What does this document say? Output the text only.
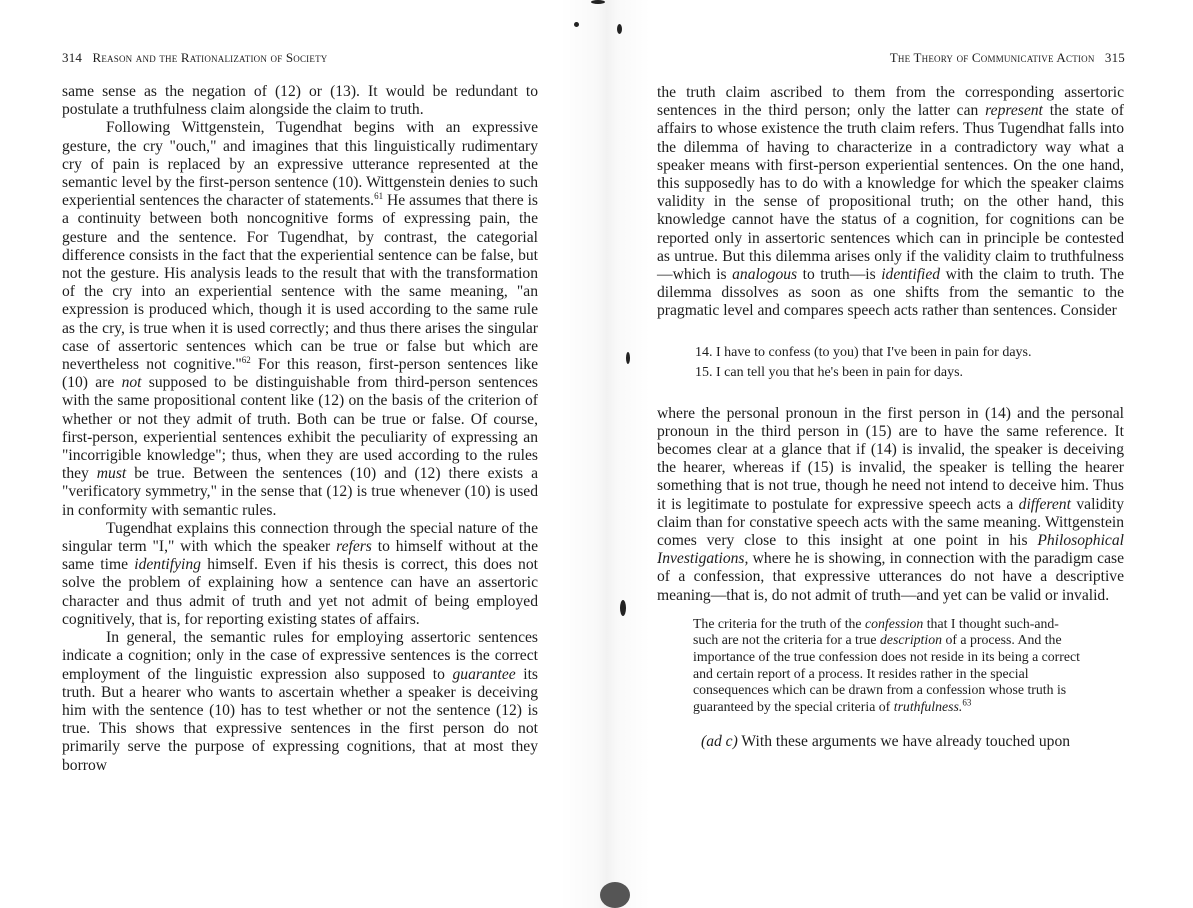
314 Reason and the Rationalization of Society

same sense as the negation of (12) or (13). It would be redundant to postulate a truthfulness claim alongside the claim to truth.

Following Wittgenstein, Tugendhat begins with an expressive gesture, the cry "ouch," and imagines that this linguistically rudimentary cry of pain is replaced by an expressive utterance represented at the semantic level by the first-person sentence (10). Wittgenstein denies to such experiential sentences the character of statements.$^{61}$ He assumes that there is a continuity between both noncognitive forms of expressing pain, the gesture and the sentence. For Tugendhat, by contrast, the categorial difference consists in the fact that the experiential sentence can be false, but not the gesture. His analysis leads to the result that with the transformation of the cry into an experiential sentence with the same meaning, "an expression is produced which, though it is used according to the same rule as the cry, is true when it is used correctly; and thus there arises the singular case of assertoric sentences which can be true or false but which are nevertheless not cognitive."$^{62}$ For this reason, first-person sentences like (10) are not supposed to be distinguishable from third-person sentences with the same propositional content like (12) on the basis of the criterion of whether or not they admit of truth. Both can be true or false. Of course, first-person, experiential sentences exhibit the peculiarity of expressing an "incorrigible knowledge"; thus, when they are used according to the rules they must be true. Between the sentences (10) and (12) there exists a "verificatory symmetry," in the sense that (12) is true whenever (10) is used in conformity with semantic rules.

Tugendhat explains this connection through the special nature of the singular term "I," with which the speaker refers to himself without at the same time identifying himself. Even if his thesis is correct, this does not solve the problem of explaining how a sentence can have an assertoric character and thus admit of truth and yet not admit of being employed cognitively, that is, for reporting existing states of affairs.

In general, the semantic rules for employing assertoric sentences indicate a cognition; only in the case of expressive sentences is the correct employment of the linguistic expression also supposed to guarantee its truth. But a hearer who wants to ascertain whether a speaker is deceiving him with the sentence (10) has to test whether or not the sentence (12) is true. This shows that expressive sentences in the first person do not primarily serve the purpose of expressing cognitions, that at most they borrow

The Theory of Communicative Action 315

the truth claim ascribed to them from the corresponding assertoric sentences in the third person; only the latter can represent the state of affairs to whose existence the truth claim refers. Thus Tugendhat falls into the dilemma of having to characterize in a contradictory way what a speaker means with first-person experiential sentences. On the one hand, this supposedly has to do with a knowledge for which the speaker claims validity in the sense of propositional truth; on the other hand, this knowledge cannot have the status of a cognition, for cognitions can be reported only in assertoric sentences which can in principle be contested as untrue. But this dilemma arises only if the validity claim to truthfulness—which is analogous to truth—is identified with the claim to truth. The dilemma dissolves as soon as one shifts from the semantic to the pragmatic level and compares speech acts rather than sentences. Consider

14. I have to confess (to you) that I've been in pain for days.
15. I can tell you that he's been in pain for days.

where the personal pronoun in the first person in (14) and the personal pronoun in the third person in (15) are to have the same reference. It becomes clear at a glance that if (14) is invalid, the speaker is deceiving the hearer, whereas if (15) is invalid, the speaker is telling the hearer something that is not true, though he need not intend to deceive him. Thus it is legitimate to postulate for expressive speech acts a different validity claim than for constative speech acts with the same meaning. Wittgenstein comes very close to this insight at one point in his Philosophical Investigations, where he is showing, in connection with the paradigm case of a confession, that expressive utterances do not have a descriptive meaning—that is, do not admit of truth—and yet can be valid or invalid.

The criteria for the truth of the confession that I thought such-and-such are not the criteria for a true description of a process. And the importance of the true confession does not reside in its being a correct and certain report of a process. It resides rather in the special consequences which can be drawn from a confession whose truth is guaranteed by the special criteria of truthfulness.$^{63}$

(ad c) With these arguments we have already touched upon
